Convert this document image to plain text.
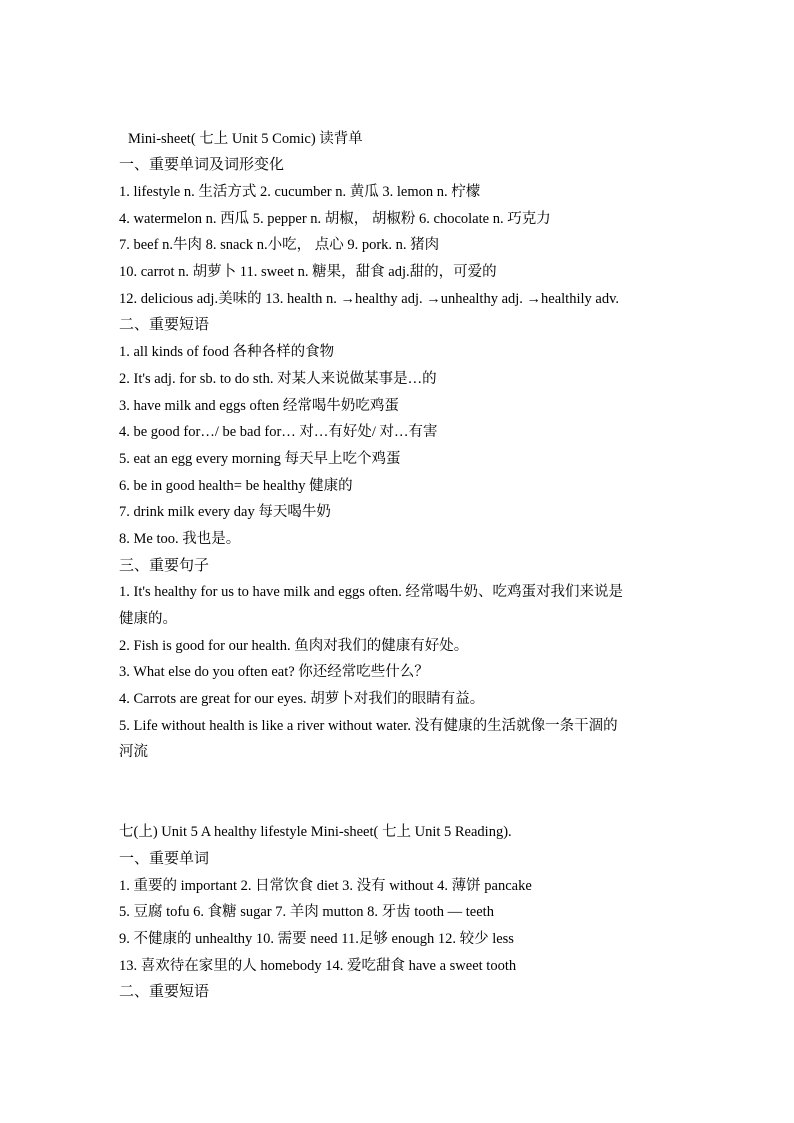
Mini-sheet( 七上 Unit 5 Comic) 读背单
一、重要单词及词形变化
1. lifestyle n. 生活方式 2. cucumber n. 黄瓜 3. lemon n. 柠檬
4. watermelon n. 西瓜 5. pepper n. 胡椒， 胡椒粉 6. chocolate n. 巧克力
7. beef n.牛肉 8. snack n.小吃， 点心 9. pork. n. 猪肉
10. carrot n. 胡萝卜 11. sweet n. 糖果，甜食 adj.甜的，可爱的
12. delicious adj.美味的 13. health n. →healthy adj. →unhealthy adj. →healthily adv.
二、重要短语
1. all kinds of food 各种各样的食物
2. It's adj. for sb. to do sth. 对某人来说做某事是…的
3. have milk and eggs often 经常喝牛奶吃鸡蛋
4. be good for…/ be bad for… 对…有好处/ 对…有害
5. eat an egg every morning 每天早上吃个鸡蛋
6. be in good health= be healthy 健康的
7. drink milk every day 每天喝牛奶
8. Me too. 我也是。
三、重要句子
1. It's healthy for us to have milk and eggs often. 经常喝牛奶、吃鸡蛋对我们来说是
健康的。
2. Fish is good for our health. 鱼肉对我们的健康有好处。
3. What else do you often eat? 你还经常吃些什么？
4. Carrots are great for our eyes. 胡萝卜对我们的眼睛有益。
5. Life without health is like a river without water. 没有健康的生活就像一条干涸的
河流
七(上) Unit 5 A healthy lifestyle Mini-sheet( 七上 Unit 5 Reading).
一、重要单词
1. 重要的 important 2. 日常饮食 diet 3. 没有 without 4. 薄饼 pancake
5. 豆腐 tofu 6. 食糖 sugar 7. 羊肉 mutton 8. 牙齿 tooth — teeth
9. 不健康的 unhealthy 10. 需要 need 11.足够 enough 12. 较少 less
13. 喜欢待在家里的人 homebody 14. 爱吃甜食 have a sweet tooth
二、重要短语
